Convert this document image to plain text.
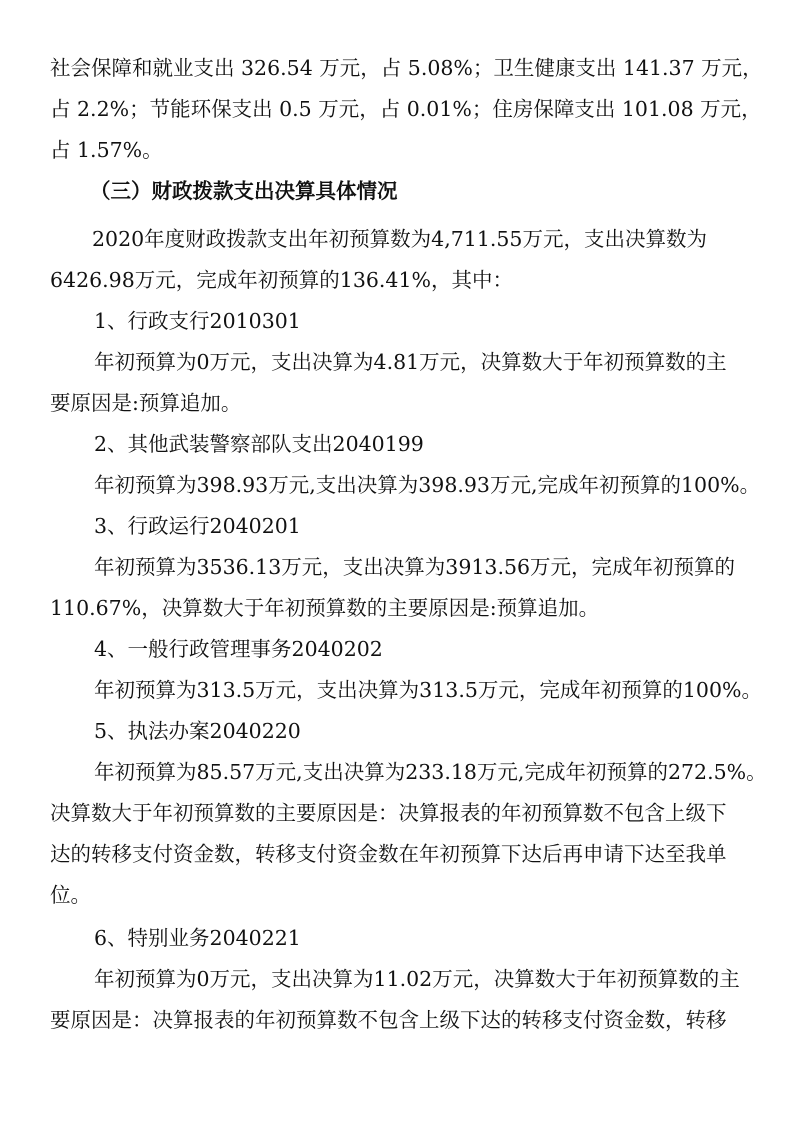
社会保障和就业支出 326.54 万元，占 5.08%；卫生健康支出 141.37 万元，
占 2.2%；节能环保支出 0.5 万元，占 0.01%；住房保障支出 101.08 万元，
占 1.57%。
（三）财政拨款支出决算具体情况
2020年度财政拨款支出年初预算数为4,711.55万元，支出决算数为
6426.98万元，完成年初预算的136.41%，其中：
1、行政支行2010301
年初预算为0万元，支出决算为4.81万元，决算数大于年初预算数的主
要原因是:预算追加。
2、其他武装警察部队支出2040199
年初预算为398.93万元,支出决算为398.93万元,完成年初预算的100%。
3、行政运行2040201
年初预算为3536.13万元，支出决算为3913.56万元，完成年初预算的
110.67%，决算数大于年初预算数的主要原因是:预算追加。
4、一般行政管理事务2040202
年初预算为313.5万元，支出决算为313.5万元，完成年初预算的100%。
5、执法办案2040220
年初预算为85.57万元,支出决算为233.18万元,完成年初预算的272.5%。
决算数大于年初预算数的主要原因是：决算报表的年初预算数不包含上级下
达的转移支付资金数，转移支付资金数在年初预算下达后再申请下达至我单
位。
6、特别业务2040221
年初预算为0万元，支出决算为11.02万元，决算数大于年初预算数的主
要原因是：决算报表的年初预算数不包含上级下达的转移支付资金数，转移
